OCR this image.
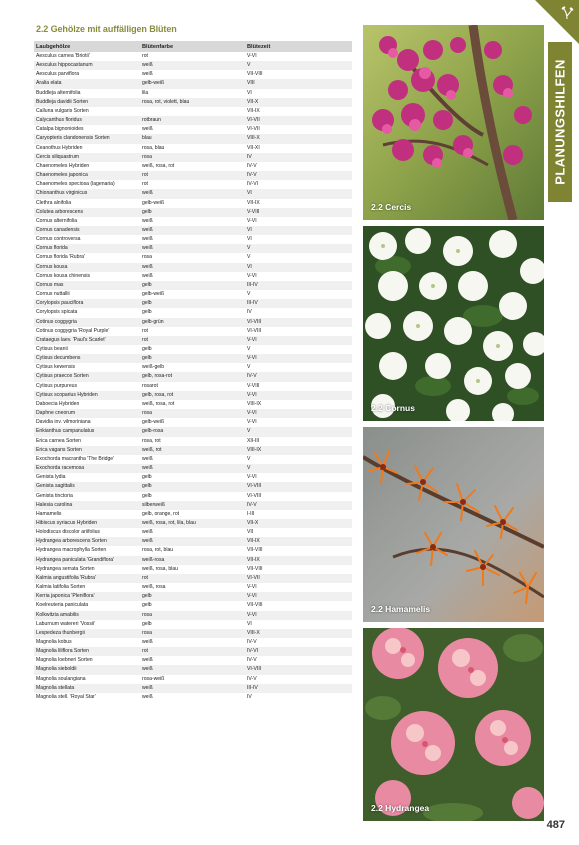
2.2 Gehölze mit auffälligen Blüten
Laubgehölze	Blütenfarbe	Blütezeit
Aesculus carnea 'Briotii'	rot	V-VI
Aesculus hippocastanum	weiß	V
Aesculus parviflora	weiß	VII-VIII
Aralia elata	gelb-weiß	VIII
Buddleja alternifolia	lila	VI
Buddleja davidii Sorten	rosa, rot, violett, blau	VII-X
Calluna vulgaris Sorten		VII-IX
Calycanthus floridus	rotbraun	VI-VII
Catalpa bignonioides	weiß	VI-VII
Caryopteris clandonensis Sorten	blau	VIII-X
Ceanothus Hybriden	rosa, blau	VII-XI
Cercis siliquastrum	rosa	IV
Chaenomeles Hybriden	weiß, rosa, rot	IV-V
Chaenomeles japonica	rot	IV-V
Chaenomeles speciosa (lagenaria)	rot	IV-VI
Chionanthus virginicus	weiß	VI
Clethra alnifolia	gelb-weiß	VII-IX
Colutea arborescens	gelb	V-VIII
Cornus alternifolia	weiß	V-VI
Cornus canadensis	weiß	VI
Cornus controversa	weiß	VI
Cornus florida	weiß	V
Cornus florida 'Rubra'	rosa	V
Cornus kousa	weiß	VI
Cornus kousa chinensis	weiß	V-VI
Cornus mas	gelb	III-IV
Cornus nuttallii	gelb-weiß	V
Corylopsis pauciflora	gelb	III-IV
Corylopsis spicata	gelb	IV
Cotinus coggygria	gelb-grün	VI-VIII
Cotinus coggygria 'Royal Purple'	rot	VI-VIII
Crataegus laev. 'Paul's Scarlet'	rot	V-VI
Cytisus beanii	gelb	V
Cytisus decumbens	gelb	V-VI
Cytisus kewensis	weiß-gelb	V
Cytisus praecox Sorten	gelb, rosa-rot	IV-V
Cytisus purpureus	rosarot	V-VIII
Cytisus scoparius Hybriden	gelb, rosa, rot	V-VI
Daboecia Hybriden	weiß, rosa, rot	VIII-IX
Daphne cneorum	rosa	V-VI
Davidia inv. vilmoriniana	gelb-weiß	V-VI
Enkianthus campanulatus	gelb-rosa	V
Erica carnea Sorten	rosa, rot	XII-III
Erica vagans Sorten	weiß, rot	VIII-IX
Exochorda macrantha 'The Bridge'	weiß	V
Exochorda racemosa	weiß	V
Genista lydia	gelb	V-VI
Genista sagittalis	gelb	VI-VIII
Genista tinctoria	gelb	VI-VIII
Halesia carolina	silberweiß	IV-V
Hamamelis	gelb, orange, rot	I-III
Hibiscus syriacus Hybriden	weiß, rosa, rot, lila, blau	VII-X
Holodiscus discolor ariifolius	weiß	VII
Hydrangea arborescens Sorten	weiß	VII-IX
Hydrangea macrophylla Sorten	rosa, rot, blau	VII-VIII
Hydrangea paniculata 'Grandiflora'	weiß-rosa	VII-IX
Hydrangea serrata Sorten	weiß, rosa, blau	VII-VIII
Kalmia angustifolia 'Rubra'	rot	VI-VII
Kalmia latifolia Sorten	weiß, rosa	V-VI
Kerria japonica 'Pleniflora'	gelb	V-VI
Koelreuteria paniculata	gelb	VII-VIII
Kolkwitzia amabilis	rosa	V-VI
Laburnum watereri 'Vossii'	gelb	VI
Lespedeza thunbergii	rosa	VIII-X
Magnolia kobus	weiß	IV-V
Magnolia liliflora Sorten	rot	IV-VI
Magnolia loebneri Sorten	weiß	IV-V
Magnolia sieboldii	weiß	VI-VIII
Magnolia soulangiana	rosa-weiß	IV-V
Magnolia stellata	weiß	III-IV
Magnolia stell. 'Royal Star'	weiß	IV
2.2 Cercis
2.2 Cornus
2.2 Hamamelis
2.2 Hydrangea
PLANUNGSHILFEN
487
